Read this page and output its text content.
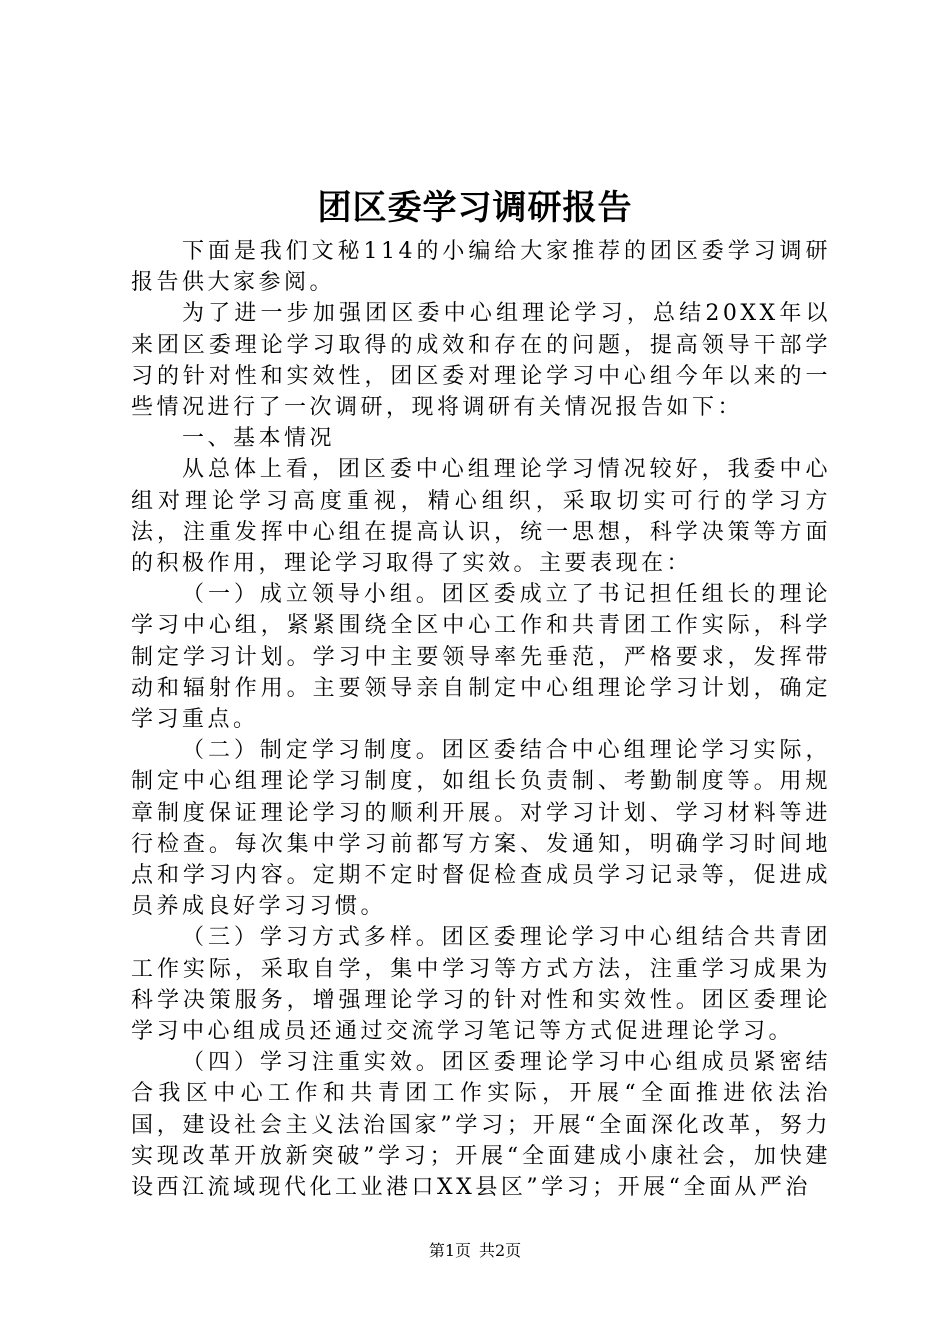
团区委学习调研报告

下面是我们文秘114的小编给大家推荐的团区委学习调研报告供大家参阅。

为了进一步加强团区委中心组理论学习，总结20XX年以来团区委理论学习取得的成效和存在的问题，提高领导干部学习的针对性和实效性，团区委对理论学习中心组今年以来的一些情况进行了一次调研，现将调研有关情况报告如下：

一、基本情况

从总体上看，团区委中心组理论学习情况较好，我委中心组对理论学习高度重视，精心组织，采取切实可行的学习方法，注重发挥中心组在提高认识，统一思想，科学决策等方面的积极作用，理论学习取得了实效。主要表现在：

（一）成立领导小组。团区委成立了书记担任组长的理论学习中心组，紧紧围绕全区中心工作和共青团工作实际，科学制定学习计划。学习中主要领导率先垂范，严格要求，发挥带动和辐射作用。主要领导亲自制定中心组理论学习计划，确定学习重点。

（二）制定学习制度。团区委结合中心组理论学习实际，制定中心组理论学习制度，如组长负责制、考勤制度等。用规章制度保证理论学习的顺利开展。对学习计划、学习材料等进行检查。每次集中学习前都写方案、发通知，明确学习时间地点和学习内容。定期不定时督促检查成员学习记录等，促进成员养成良好学习习惯。

（三）学习方式多样。团区委理论学习中心组结合共青团工作实际，采取自学，集中学习等方式方法，注重学习成果为科学决策服务，增强理论学习的针对性和实效性。团区委理论学习中心组成员还通过交流学习笔记等方式促进理论学习。

（四）学习注重实效。团区委理论学习中心组成员紧密结合我区中心工作和共青团工作实际，开展“全面推进依法治国，建设社会主义法治国家”学习；开展“全面深化改革，努力实现改革开放新突破”学习；开展“全面建成小康社会，加快建设西江流域现代化工业港口XX县区”学习；开展“全面从严治

第1页 共2页
